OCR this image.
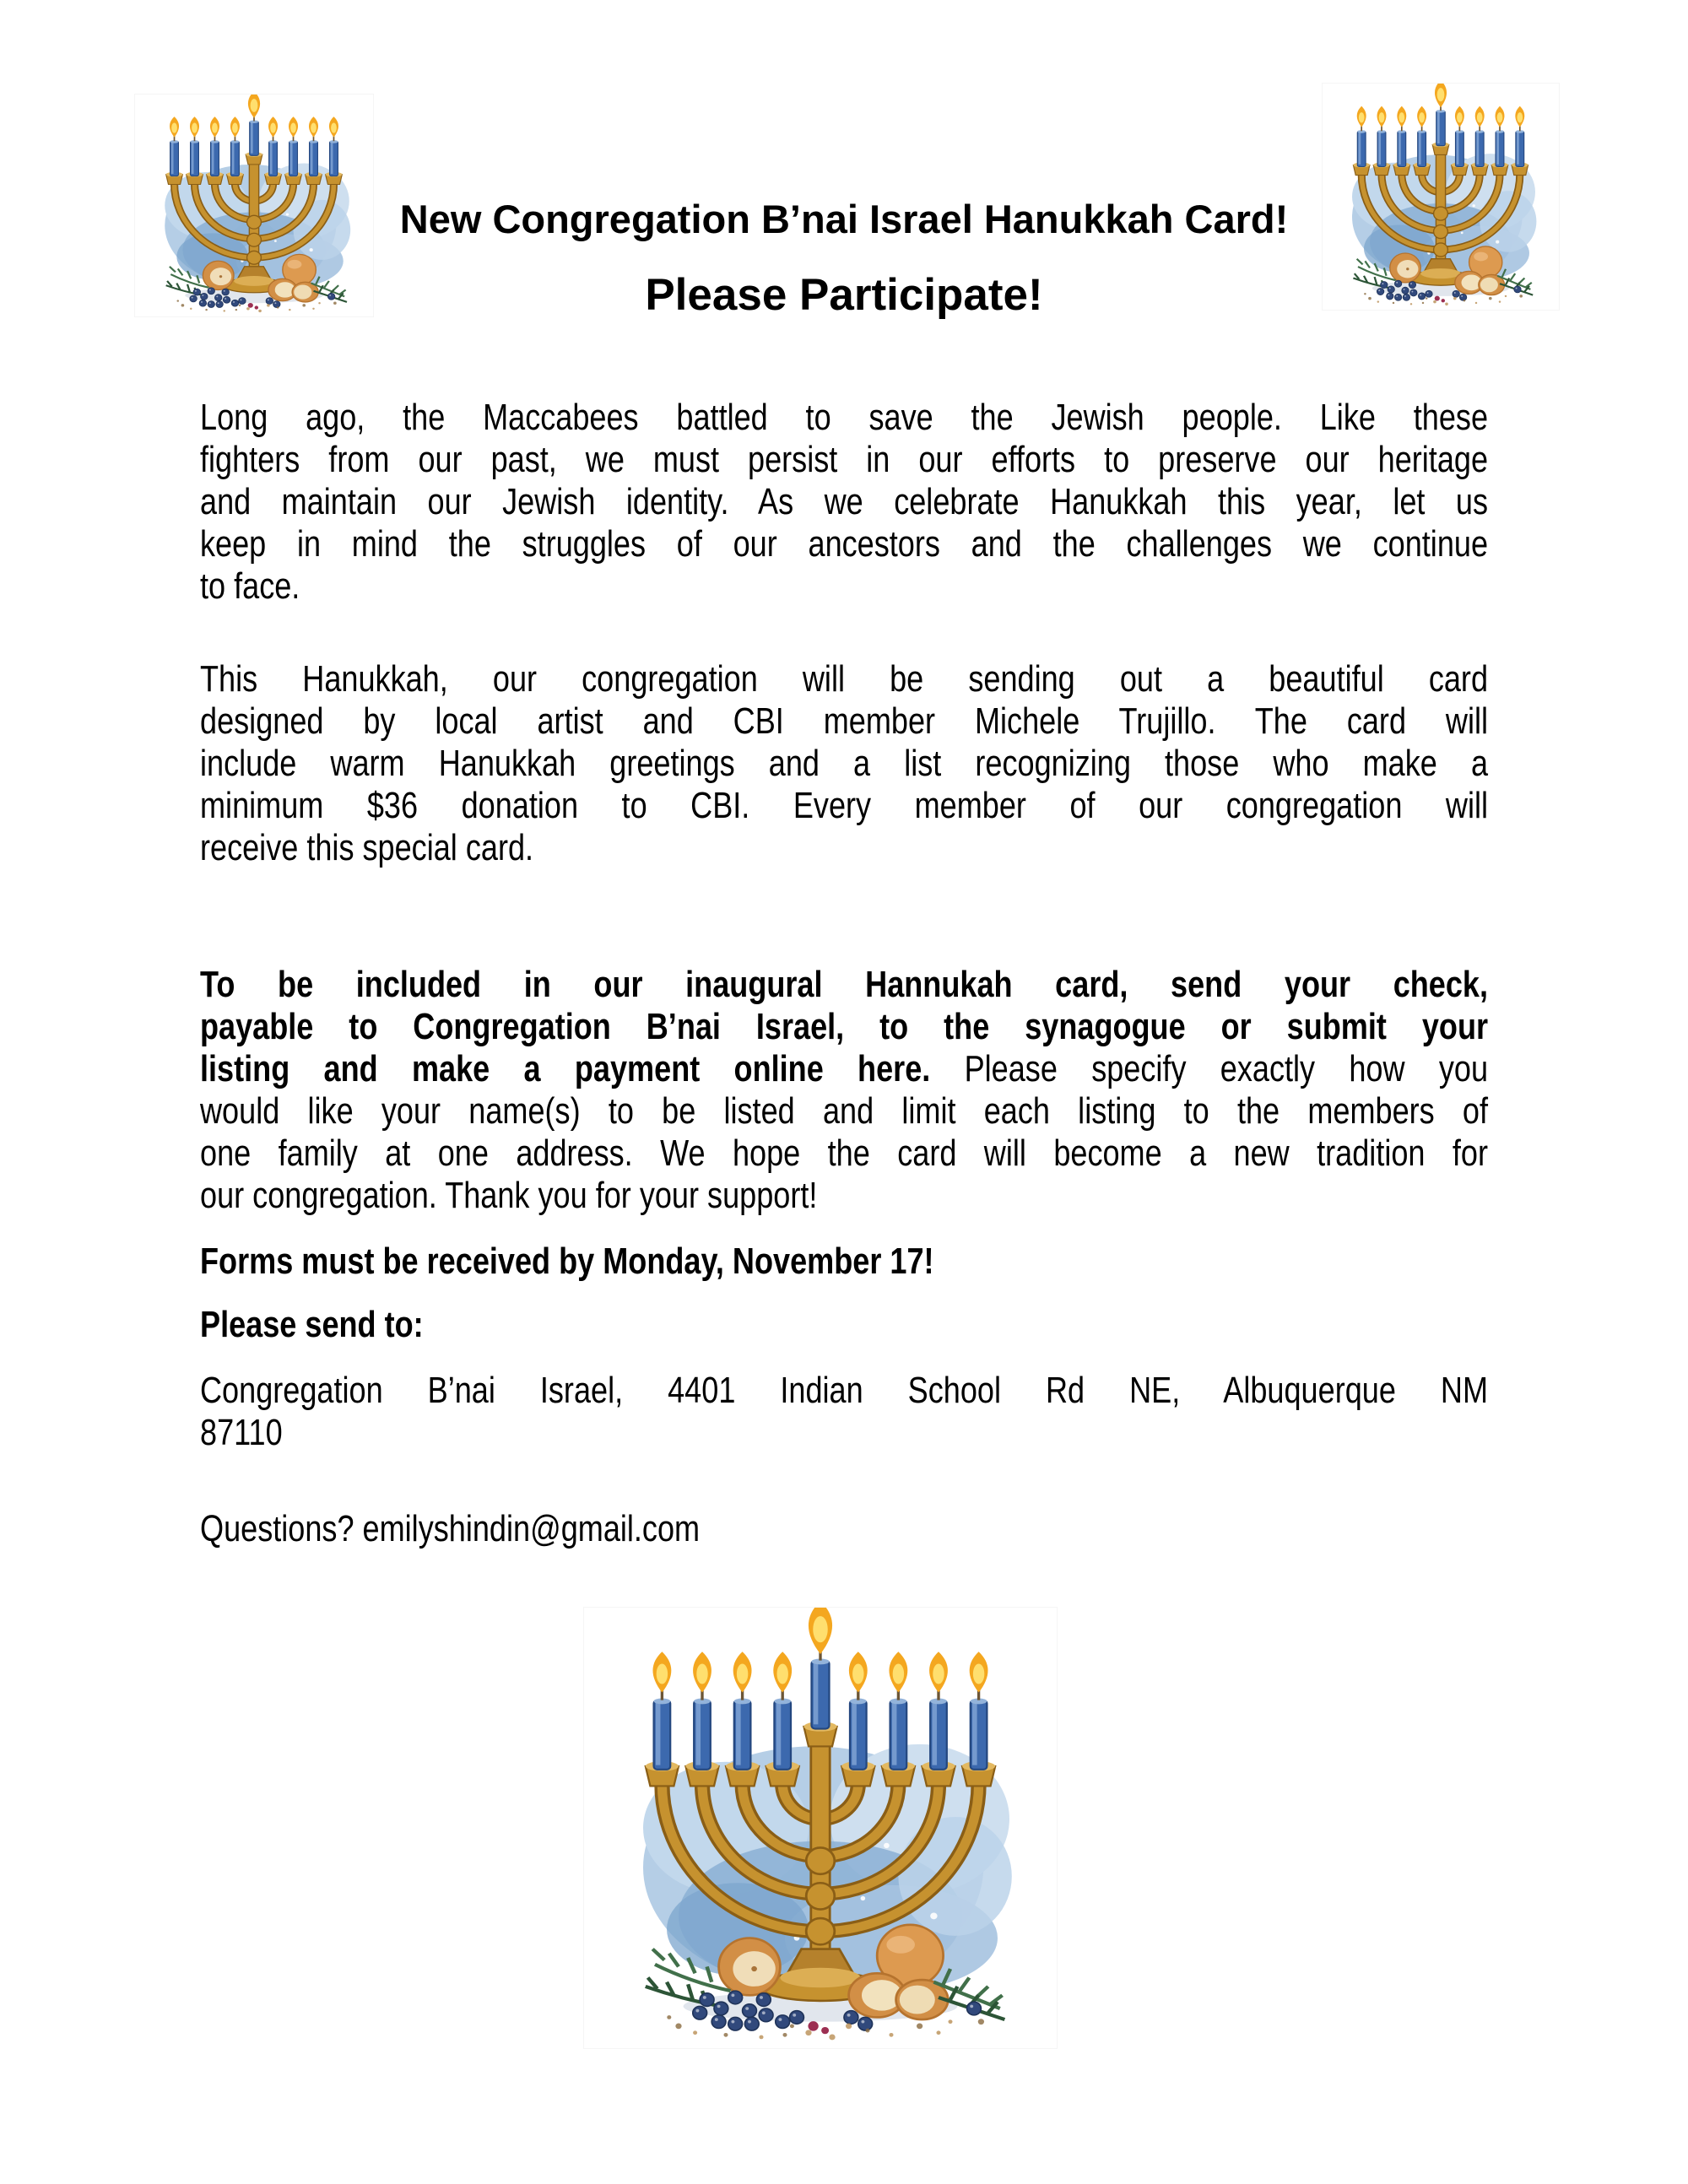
New Congregation B’nai Israel Hanukkah Card!
Please Participate!
Long ago, the Maccabees battled to save the Jewish people. Like these
fighters from our past, we must persist in our efforts to preserve our heritage
and maintain our Jewish identity. As we celebrate Hanukkah this year, let us
keep in mind the struggles of our ancestors and the challenges we continue
to face.
This Hanukkah, our congregation will be sending out a beautiful card
designed by local artist and CBI member Michele Trujillo. The card will
include warm Hanukkah greetings and a list recognizing those who make a
minimum $36 donation to CBI. Every member of our congregation will
receive this special card.
To be included in our inaugural Hannukah card, send your check,
payable to Congregation B’nai Israel, to the synagogue or submit your
listing and make a payment online here. Please specify exactly how you
would like your name(s) to be listed and limit each listing to the members of
one family at one address. We hope the card will become a new tradition for
our congregation. Thank you for your support!
Forms must be received by Monday, November 17!
Please send to:
Congregation B’nai Israel, 4401 Indian School Rd NE, Albuquerque NM
87110
Questions? emilyshindin@gmail.com
